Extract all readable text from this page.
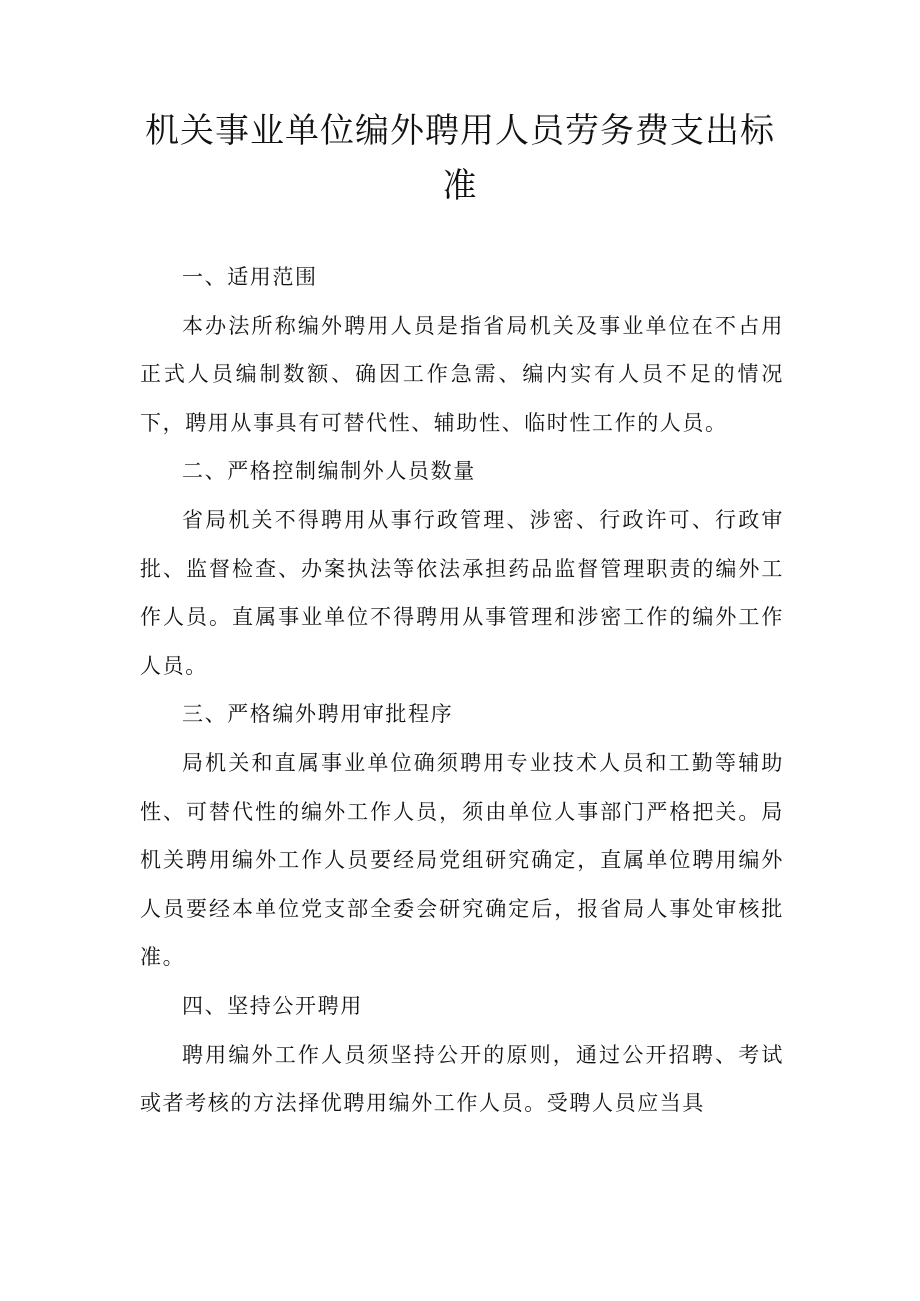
机关事业单位编外聘用人员劳务费支出标准

一、适用范围

本办法所称编外聘用人员是指省局机关及事业单位在不占用正式人员编制数额、确因工作急需、编内实有人员不足的情况下，聘用从事具有可替代性、辅助性、临时性工作的人员。

二、严格控制编制外人员数量

省局机关不得聘用从事行政管理、涉密、行政许可、行政审批、监督检查、办案执法等依法承担药品监督管理职责的编外工作人员。直属事业单位不得聘用从事管理和涉密工作的编外工作人员。

三、严格编外聘用审批程序

局机关和直属事业单位确须聘用专业技术人员和工勤等辅助性、可替代性的编外工作人员，须由单位人事部门严格把关。局机关聘用编外工作人员要经局党组研究确定，直属单位聘用编外人员要经本单位党支部全委会研究确定后，报省局人事处审核批准。

四、坚持公开聘用

聘用编外工作人员须坚持公开的原则，通过公开招聘、考试或者考核的方法择优聘用编外工作人员。受聘人员应当具
